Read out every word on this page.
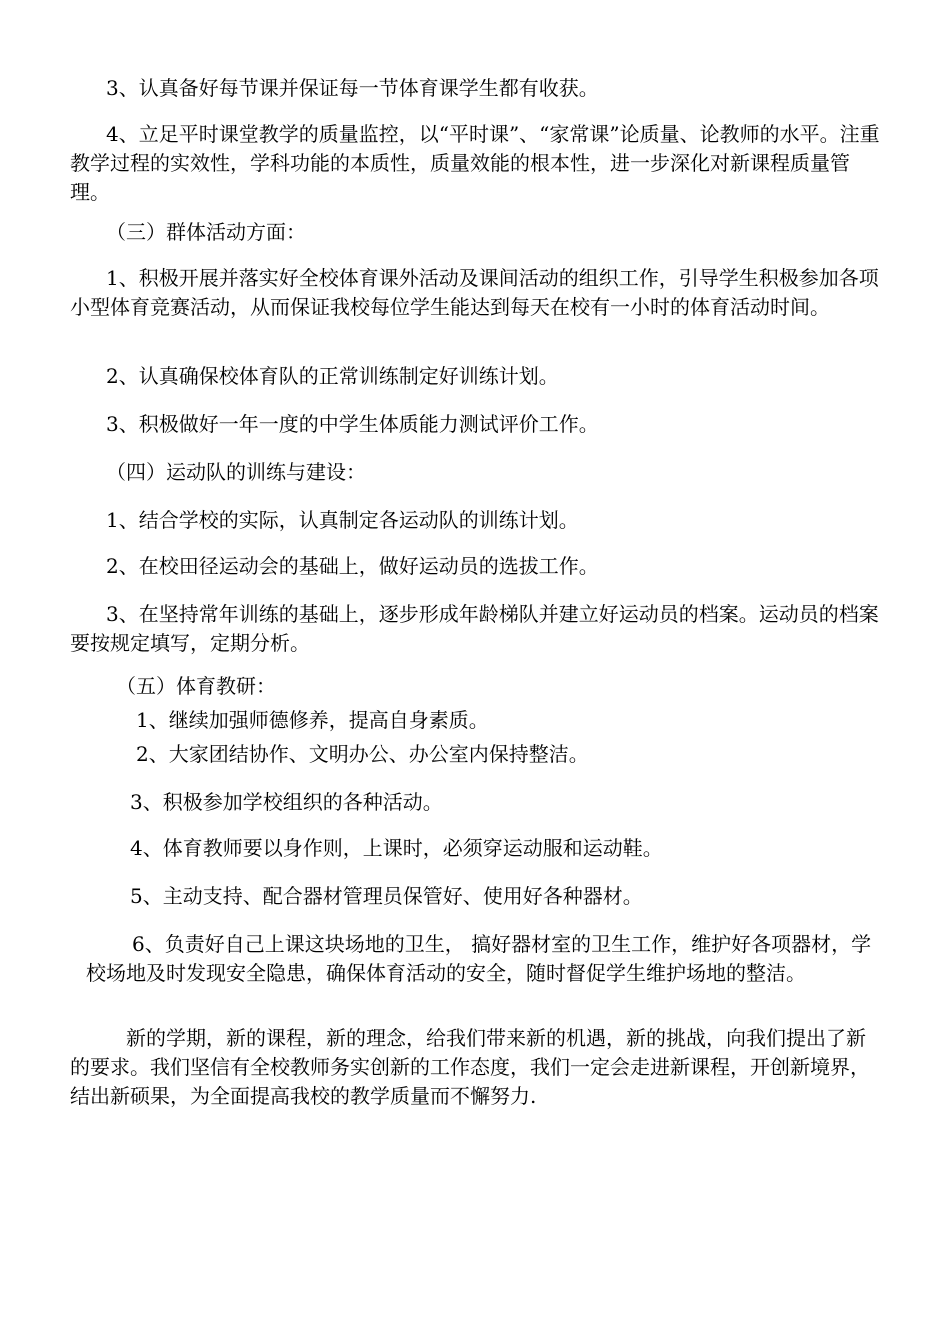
3、认真备好每节课并保证每一节体育课学生都有收获。

4、立足平时课堂教学的质量监控，以“平时课”、“家常课”论质量、论教师的水平。注重教学过程的实效性，学科功能的本质性，质量效能的根本性，进一步深化对新课程质量管理。

（三）群体活动方面：

1、积极开展并落实好全校体育课外活动及课间活动的组织工作，引导学生积极参加各项小型体育竞赛活动，从而保证我校每位学生能达到每天在校有一小时的体育活动时间。

2、认真确保校体育队的正常训练制定好训练计划。

3、积极做好一年一度的中学生体质能力测试评价工作。

（四）运动队的训练与建设：

1、结合学校的实际，认真制定各运动队的训练计划。

2、在校田径运动会的基础上，做好运动员的选拔工作。

3、在坚持常年训练的基础上，逐步形成年龄梯队并建立好运动员的档案。运动员的档案要按规定填写，定期分析。

（五）体育教研：

1、继续加强师德修养，提高自身素质。

2、大家团结协作、文明办公、办公室内保持整洁。

3、积极参加学校组织的各种活动。

4、体育教师要以身作则，上课时，必须穿运动服和运动鞋。

5、主动支持、配合器材管理员保管好、使用好各种器材。

6、负责好自己上课这块场地的卫生， 搞好器材室的卫生工作，维护好各项器材，学校场地及时发现安全隐患，确保体育活动的安全，随时督促学生维护场地的整洁。

新的学期，新的课程，新的理念，给我们带来新的机遇，新的挑战，向我们提出了新的要求。我们坚信有全校教师务实创新的工作态度，我们一定会走进新课程，开创新境界，结出新硕果，为全面提高我校的教学质量而不懈努力.
